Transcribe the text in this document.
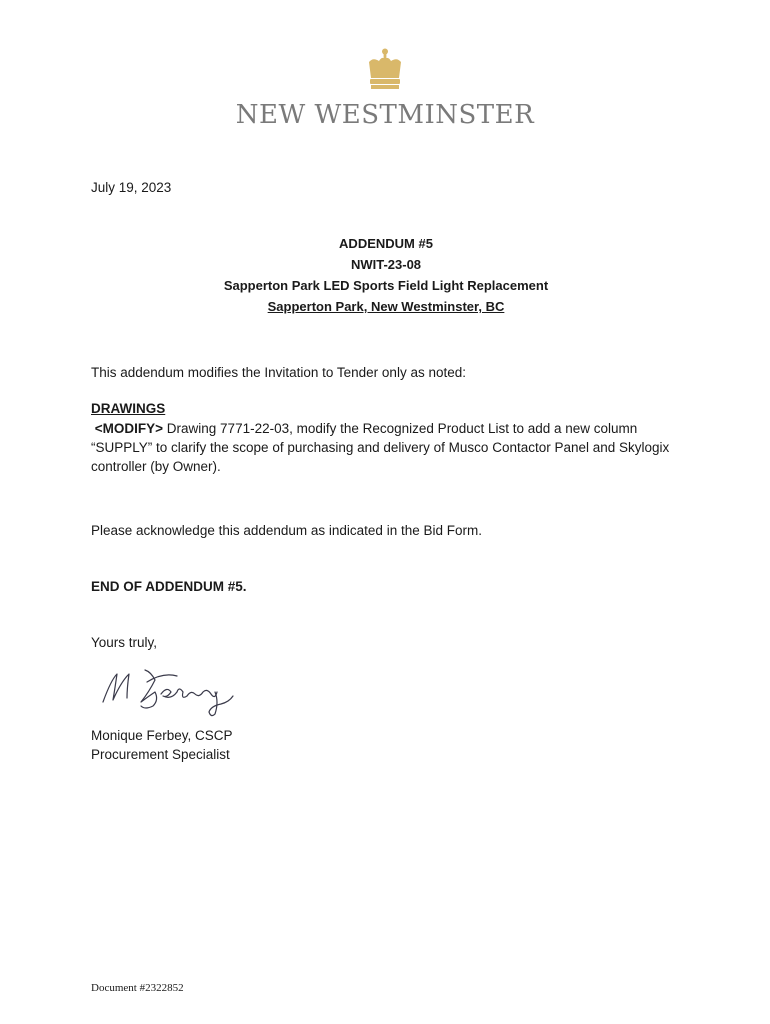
NEW WESTMINSTER

July 19, 2023

ADDENDUM #5
NWIT-23-08
Sapperton Park LED Sports Field Light Replacement
Sapperton Park, New Westminster, BC
This addendum modifies the Invitation to Tender only as noted:
DRAWINGS
<MODIFY> Drawing 7771-22-03, modify the Recognized Product List to add a new column “SUPPLY” to clarify the scope of purchasing and delivery of Musco Contactor Panel and Skylogix controller (by Owner).
Please acknowledge this addendum as indicated in the Bid Form.
END OF ADDENDUM #5.
Yours truly,
Monique Ferbey, CSCP
Procurement Specialist
Document #2322852
